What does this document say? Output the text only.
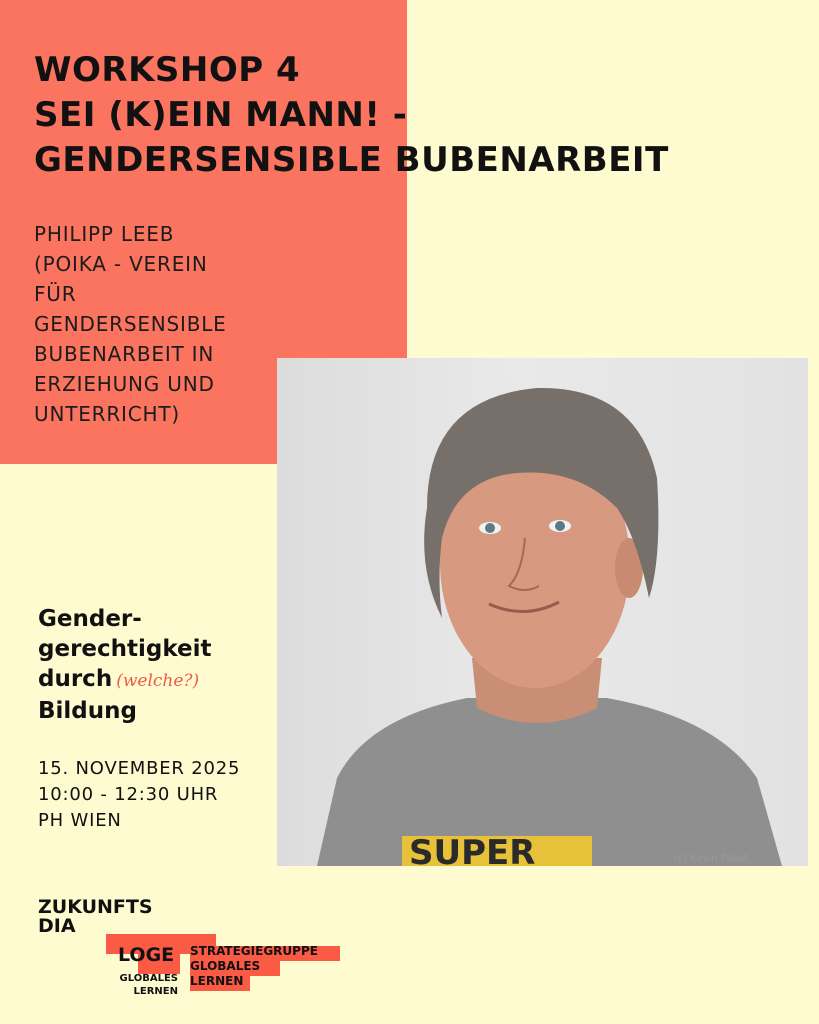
WORKSHOP 4
SEI (K)EIN MANN! -
GENDERSENSIBLE BUBENARBEIT
PHILIPP LEEB
(POIKA - VEREIN
FÜR
GENDERSENSIBLE
BUBENARBEIT IN
ERZIEHUNG UND
UNTERRICHT)
SUPER	(c) Kevin Pabst
Gender-
gerechtigkeit
durch (welche?)
Bildung
15. NOVEMBER 2025
10:00 - 12:30 UHR
PH WIEN
ZUKUNFTS
DIA
LOGE
GLOBALES
LERNEN
STRATEGIEGRUPPE
GLOBALES
LERNEN
